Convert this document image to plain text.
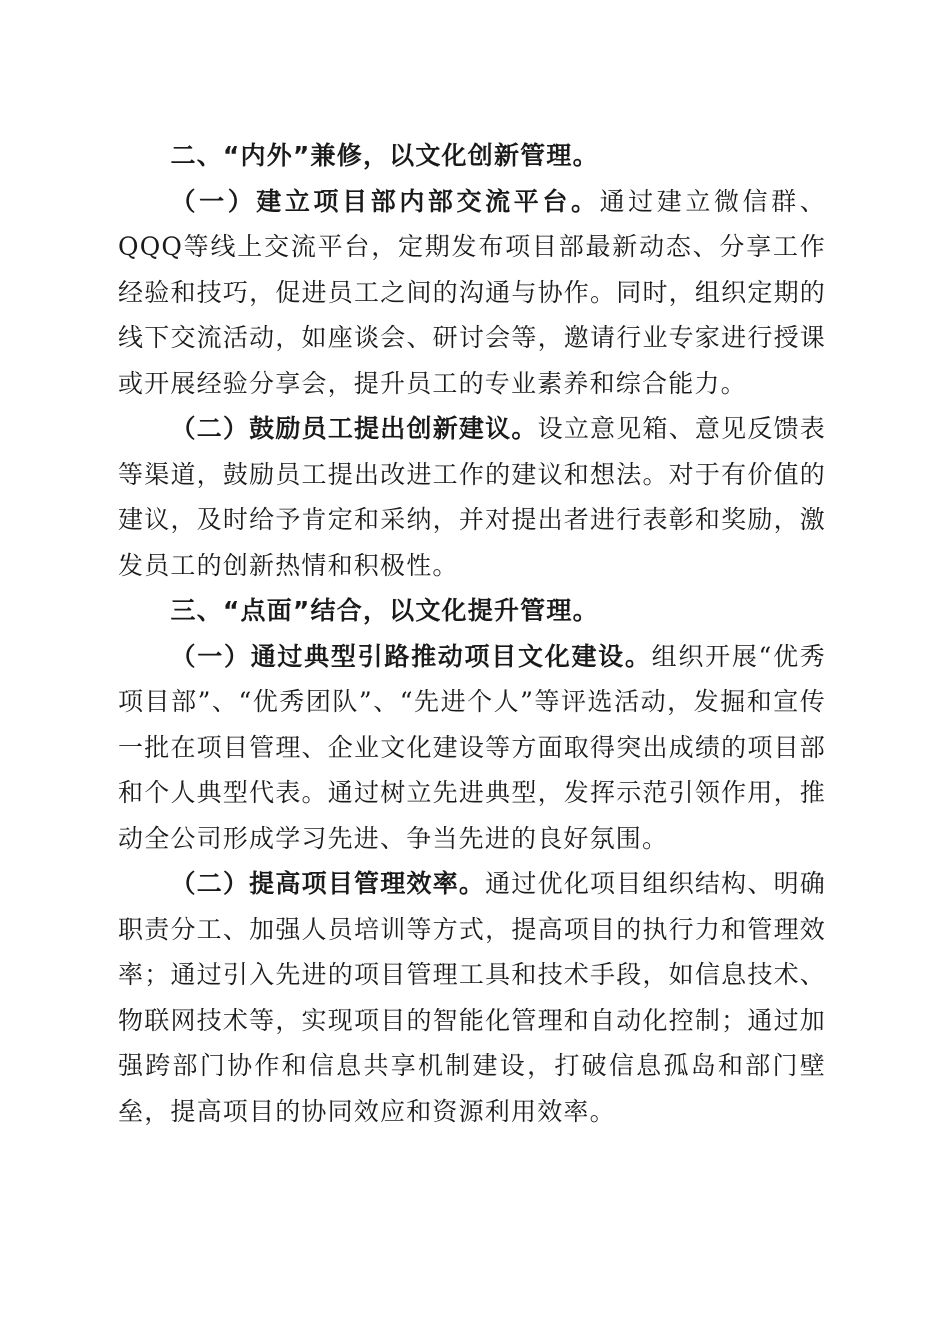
二、“内外”兼修，以文化创新管理。

（一）建立项目部内部交流平台。通过建立微信群、QQQ等线上交流平台，定期发布项目部最新动态、分享工作经验和技巧，促进员工之间的沟通与协作。同时，组织定期的线下交流活动，如座谈会、研讨会等，邀请行业专家进行授课或开展经验分享会，提升员工的专业素养和综合能力。

（二）鼓励员工提出创新建议。设立意见箱、意见反馈表等渠道，鼓励员工提出改进工作的建议和想法。对于有价值的建议，及时给予肯定和采纳，并对提出者进行表彰和奖励，激发员工的创新热情和积极性。

三、“点面”结合，以文化提升管理。

（一）通过典型引路推动项目文化建设。组织开展“优秀项目部”、“优秀团队”、“先进个人”等评选活动，发掘和宣传一批在项目管理、企业文化建设等方面取得突出成绩的项目部和个人典型代表。通过树立先进典型，发挥示范引领作用，推动全公司形成学习先进、争当先进的良好氛围。

（二）提高项目管理效率。通过优化项目组织结构、明确职责分工、加强人员培训等方式，提高项目的执行力和管理效率；通过引入先进的项目管理工具和技术手段，如信息技术、物联网技术等，实现项目的智能化管理和自动化控制；通过加强跨部门协作和信息共享机制建设，打破信息孤岛和部门壁垒，提高项目的协同效应和资源利用效率。
